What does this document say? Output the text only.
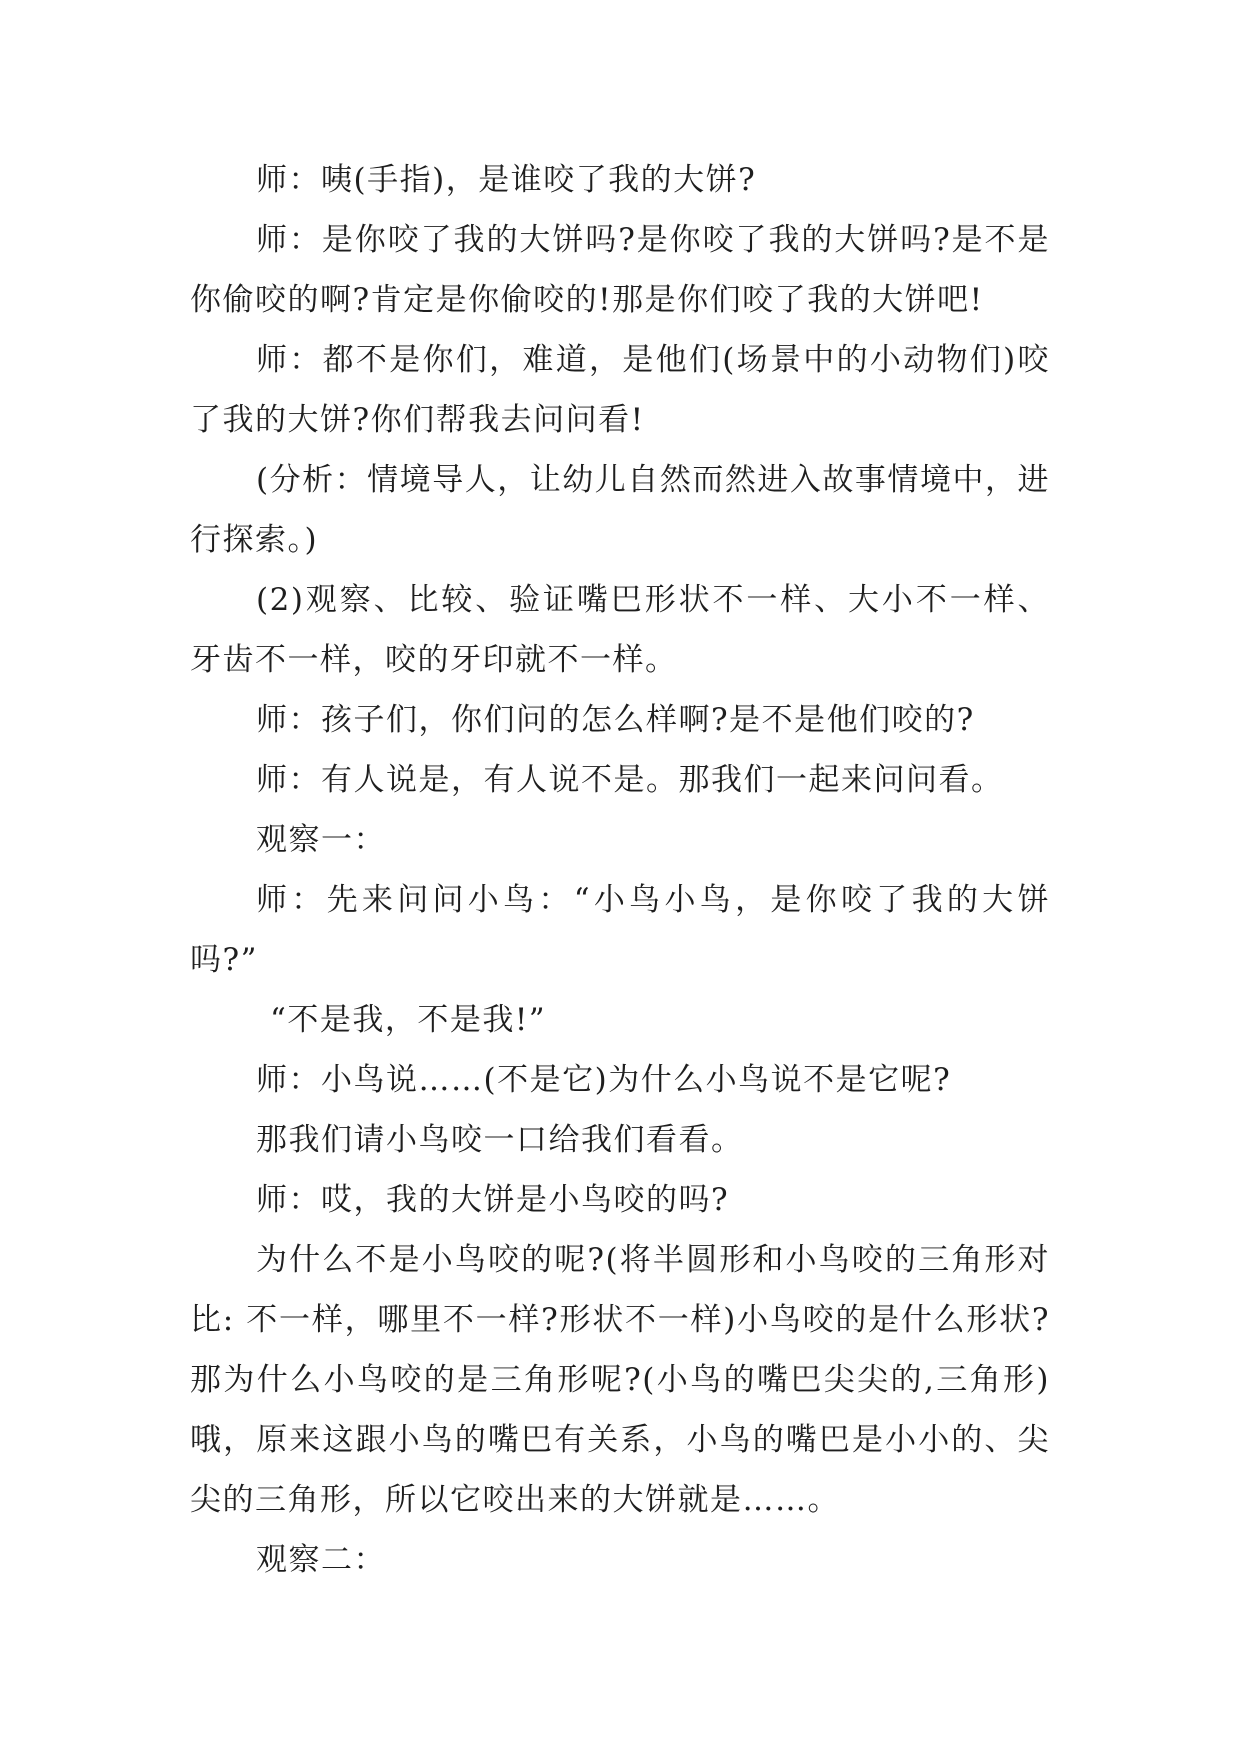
师：咦(手指)，是谁咬了我的大饼?

师：是你咬了我的大饼吗?是你咬了我的大饼吗?是不是你偷咬的啊?肯定是你偷咬的!那是你们咬了我的大饼吧!

师：都不是你们，难道，是他们(场景中的小动物们)咬了我的大饼?你们帮我去问问看!

(分析：情境导人，让幼儿自然而然进入故事情境中，进行探索。)

(2)观察、比较、验证嘴巴形状不一样、大小不一样、牙齿不一样，咬的牙印就不一样。

师：孩子们，你们问的怎么样啊?是不是他们咬的?

师：有人说是，有人说不是。那我们一起来问问看。

观察一：

师：先来问问小鸟：“小鸟小鸟，是你咬了我的大饼吗?”

“不是我，不是我!”

师：小鸟说……(不是它)为什么小鸟说不是它呢?

那我们请小鸟咬一口给我们看看。

师：哎，我的大饼是小鸟咬的吗?

为什么不是小鸟咬的呢?(将半圆形和小鸟咬的三角形对比: 不一样，哪里不一样?形状不一样)小鸟咬的是什么形状?那为什么小鸟咬的是三角形呢?(小鸟的嘴巴尖尖的,三角形)哦，原来这跟小鸟的嘴巴有关系，小鸟的嘴巴是小小的、尖尖的三角形，所以它咬出来的大饼就是……。

观察二：
